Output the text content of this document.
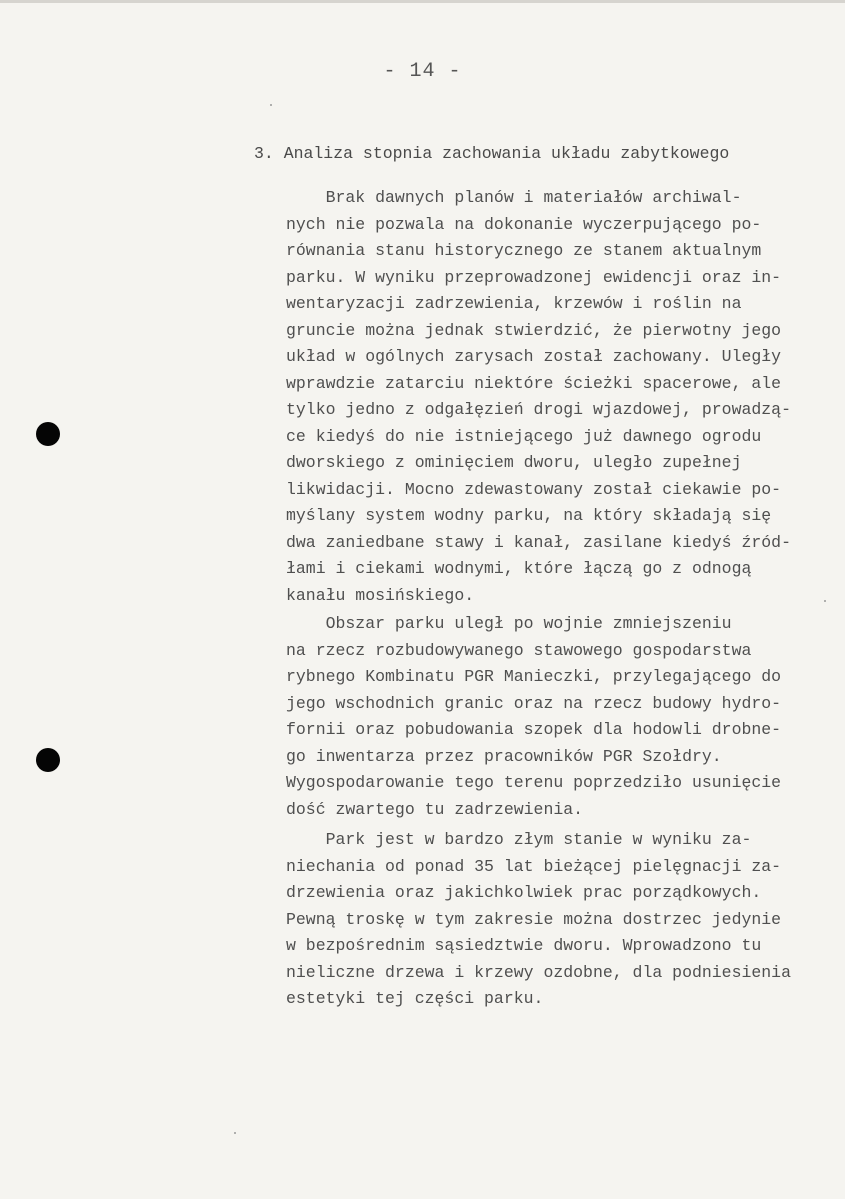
- 14 -
3. Analiza stopnia zachowania układu zabytkowego
Brak dawnych planów i materiałów archiwal-
nych nie pozwala na dokonanie wyczerpującego po-
równania stanu historycznego ze stanem aktualnym
parku. W wyniku przeprowadzonej ewidencji oraz in-
wentaryzacji zadrzewienia, krzewów i roślin na
gruncie można jednak stwierdzić, że pierwotny jego
układ w ogólnych zarysach został zachowany. Uległy
wprawdzie zatarciu niektóre ścieżki spacerowe, ale
tylko jedno z odgałęzień drogi wjazdowej, prowadzą-
ce kiedyś do nie istniejącego już dawnego ogrodu
dworskiego z ominięciem dworu, uległo zupełnej
likwidacji. Mocno zdewastowany został ciekawie po-
myślany system wodny parku, na który składają się
dwa zaniedbane stawy i kanał, zasilane kiedyś źród-
łami i ciekami wodnymi, które łączą go z odnogą
kanału mosińskiego.
Obszar parku uległ po wojnie zmniejszeniu
na rzecz rozbudowywanego stawowego gospodarstwa
rybnego Kombinatu PGR Manieczki, przylegającego do
jego wschodnich granic oraz na rzecz budowy hydro-
fornii oraz pobudowania szopek dla hodowli drobne-
go inwentarza przez pracowników PGR Szołdry.
Wygospodarowanie tego terenu poprzedziło usunięcie
dość zwartego tu zadrzewienia.
Park jest w bardzo złym stanie w wyniku za-
niechania od ponad 35 lat bieżącej pielęgnacji za-
drzewienia oraz jakichkolwiek prac porządkowych.
Pewną troskę w tym zakresie można dostrzec jedynie
w bezpośrednim sąsiedztwie dworu. Wprowadzono tu
nieliczne drzewa i krzewy ozdobne, dla podniesienia
estetyki tej części parku.
